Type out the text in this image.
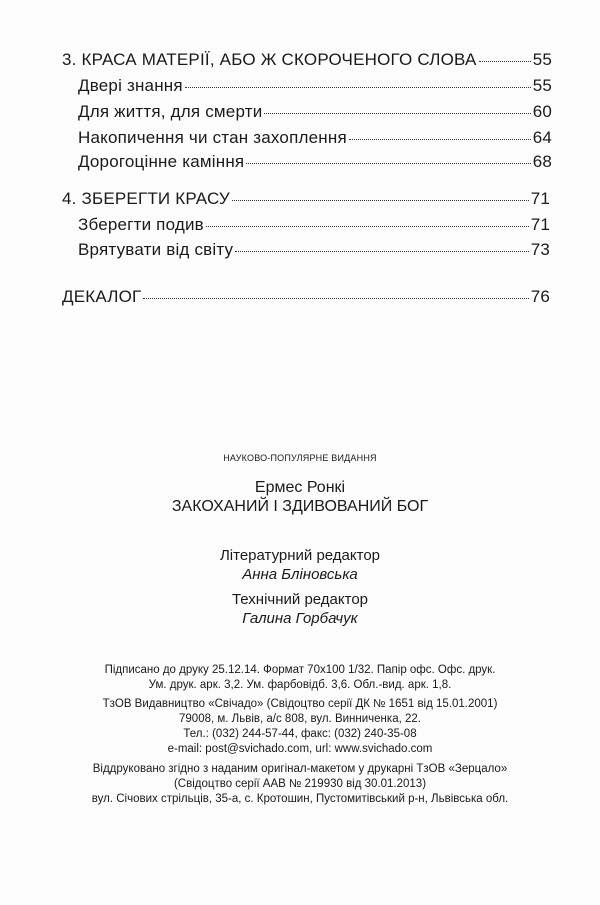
3. КРАСА МАТЕРІЇ, АБО Ж СКОРОЧЕНОГО СЛОВА	55
Двері знання	55
Для життя, для смерти	60
Накопичення чи стан захоплення	64
Дорогоцінне каміння	68
4. ЗБЕРЕГТИ КРАСУ	71
Зберегти подив	71
Врятувати від світу	73
ДЕКАЛОГ	76
НАУКОВО-ПОПУЛЯРНЕ ВИДАННЯ
Ермес Ронкі
ЗАКОХАНИЙ І ЗДИВОВАНИЙ БОГ
Літературний редактор
Анна Бліновська
Технічний редактор
Галина Горбачук
Підписано до друку 25.12.14. Формат 70х100 1/32. Папір офс. Офс. друк.
Ум. друк. арк. 3,2. Ум. фарбовідб. 3,6. Обл.-вид. арк. 1,8.
ТзОВ Видавництво «Свічадо» (Свідоцтво серії ДК № 1651 від 15.01.2001)
79008, м. Львів, а/с 808, вул. Винниченка, 22.
Тел.: (032) 244-57-44, факс: (032) 240-35-08
e-mail: post@svichado.com, url: www.svichado.com
Віддруковано згідно з наданим оригінал-макетом у друкарні ТзОВ «Зерцало»
(Свідоцтво серії ААВ № 219930 від 30.01.2013)
вул. Січових стрільців, 35-а, с. Кротошин, Пустомитівський р-н, Львівська обл.
